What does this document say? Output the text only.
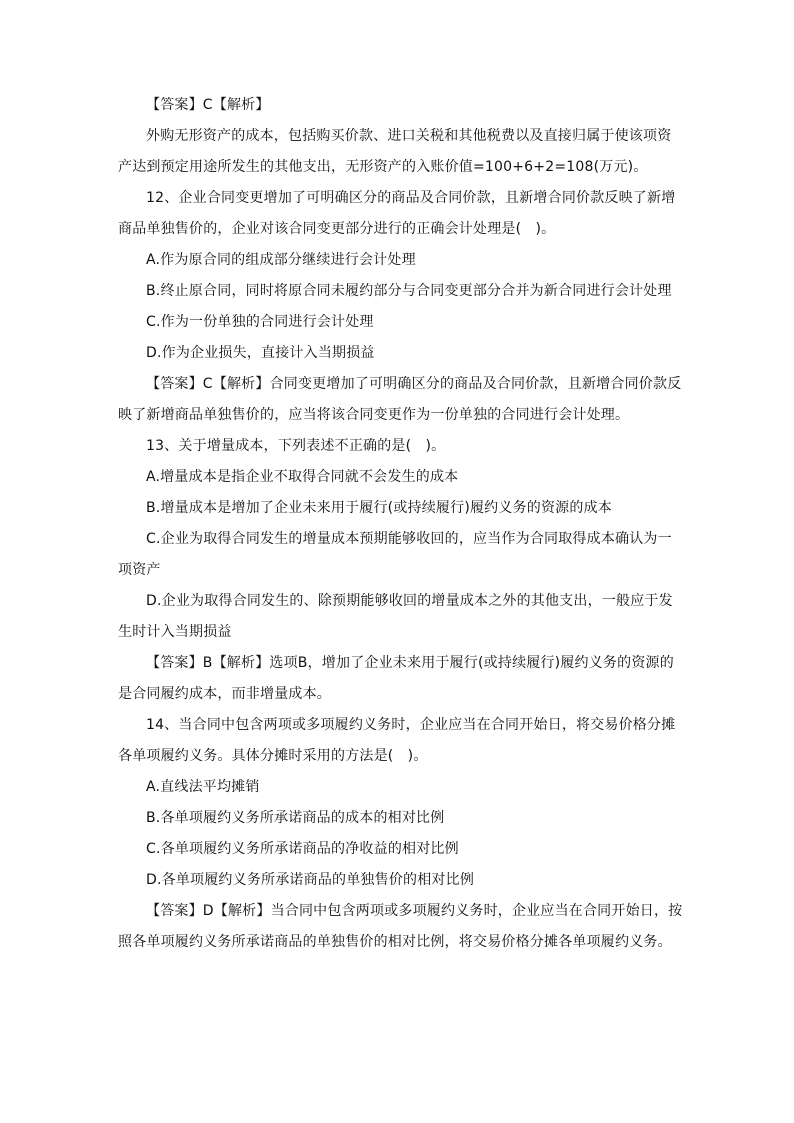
【答案】C【解析】
外购无形资产的成本，包括购买价款、进口关税和其他税费以及直接归属于使该项资
产达到预定用途所发生的其他支出，无形资产的入账价值=100+6+2=108(万元)。
12、企业合同变更增加了可明确区分的商品及合同价款，且新增合同价款反映了新增
商品单独售价的，企业对该合同变更部分进行的正确会计处理是(　)。
A.作为原合同的组成部分继续进行会计处理
B.终止原合同，同时将原合同未履约部分与合同变更部分合并为新合同进行会计处理
C.作为一份单独的合同进行会计处理
D.作为企业损失，直接计入当期损益
【答案】C【解析】合同变更增加了可明确区分的商品及合同价款，且新增合同价款反
映了新增商品单独售价的，应当将该合同变更作为一份单独的合同进行会计处理。
13、关于增量成本，下列表述不正确的是(　)。
A.增量成本是指企业不取得合同就不会发生的成本
B.增量成本是增加了企业未来用于履行(或持续履行)履约义务的资源的成本
C.企业为取得合同发生的增量成本预期能够收回的，应当作为合同取得成本确认为一
项资产
D.企业为取得合同发生的、除预期能够收回的增量成本之外的其他支出，一般应于发
生时计入当期损益
【答案】B【解析】选项B，增加了企业未来用于履行(或持续履行)履约义务的资源的
是合同履约成本，而非增量成本。
14、当合同中包含两项或多项履约义务时，企业应当在合同开始日，将交易价格分摊
各单项履约义务。具体分摊时采用的方法是(　)。
A.直线法平均摊销
B.各单项履约义务所承诺商品的成本的相对比例
C.各单项履约义务所承诺商品的净收益的相对比例
D.各单项履约义务所承诺商品的单独售价的相对比例
【答案】D【解析】当合同中包含两项或多项履约义务时，企业应当在合同开始日，按
照各单项履约义务所承诺商品的单独售价的相对比例，将交易价格分摊各单项履约义务。
